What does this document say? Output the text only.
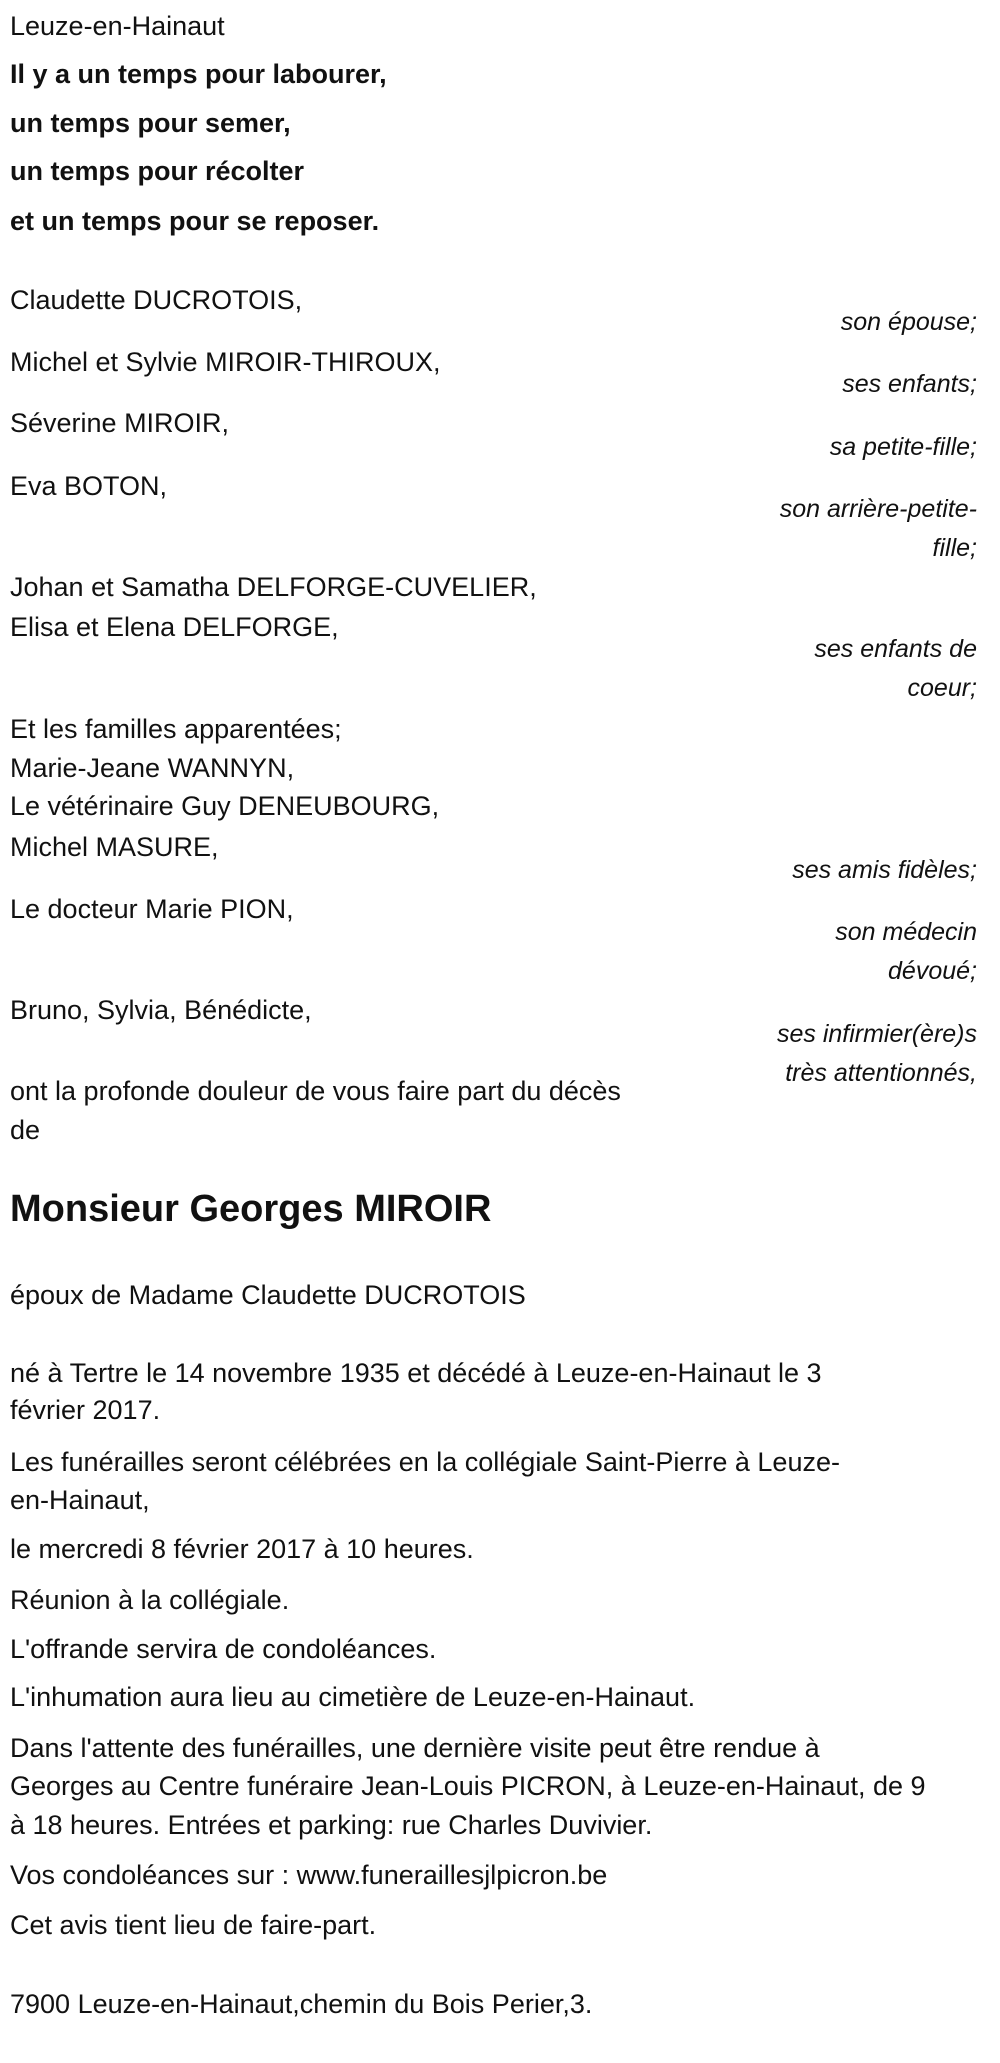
Leuze-en-Hainaut
Il y a un temps pour labourer,
un temps pour semer,
un temps pour récolter
et un temps pour se reposer.
Claudette DUCROTOIS,
Michel et Sylvie MIROIR-THIROUX,
Séverine MIROIR,
Eva BOTON,
Johan et Samatha DELFORGE-CUVELIER,
Elisa et Elena DELFORGE,
Et les familles apparentées;
Marie-Jeane WANNYN,
Le vétérinaire Guy DENEUBOURG,
Michel MASURE,
Le docteur Marie PION,
Bruno, Sylvia, Bénédicte,
ont la profonde douleur de vous faire part du décès
de
son épouse;
ses enfants;
sa petite-fille;
son arrière-petite-
fille;
ses enfants de
coeur;
ses amis fidèles;
son médecin
dévoué;
ses infirmier(ère)s
très attentionnés,
Monsieur Georges MIROIR
époux de Madame Claudette DUCROTOIS
né à Tertre le 14 novembre 1935 et décédé à Leuze-en-Hainaut le 3
février 2017.
Les funérailles seront célébrées en la collégiale Saint-Pierre à Leuze-
en-Hainaut,
le mercredi 8 février 2017 à 10 heures.
Réunion à la collégiale.
L'offrande servira de condoléances.
L'inhumation aura lieu au cimetière de Leuze-en-Hainaut.
Dans l'attente des funérailles, une dernière visite peut être rendue à
Georges au Centre funéraire Jean-Louis PICRON, à Leuze-en-Hainaut, de 9
à 18 heures. Entrées et parking: rue Charles Duvivier.
Vos condoléances sur : www.funeraillesjlpicron.be
Cet avis tient lieu de faire-part.
7900 Leuze-en-Hainaut,chemin du Bois Perier,3.
